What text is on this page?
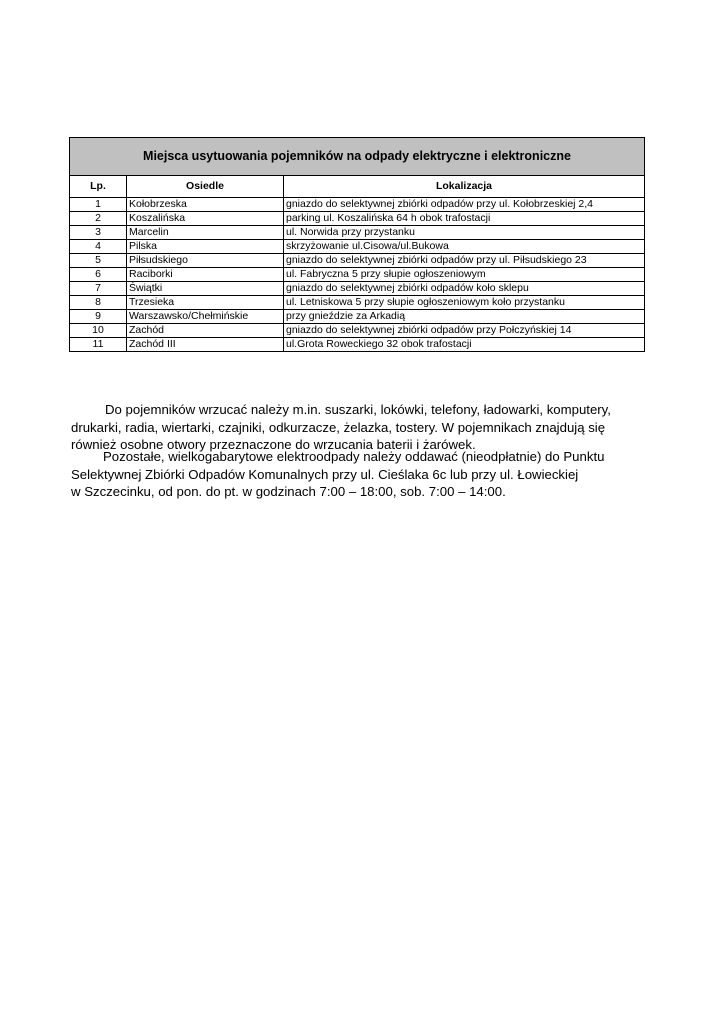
Miejsca usytuowania pojemników na odpady elektryczne i elektroniczne		
Lp.	Osiedle	Lokalizacja
1	Kołobrzeska	gniazdo do selektywnej zbiórki odpadów przy ul. Kołobrzeskiej 2,4
2	Koszalińska	parking ul. Koszalińska 64 h obok trafostacji
3	Marcelin	ul. Norwida przy przystanku
4	Pilska	skrzyżowanie ul.Cisowa/ul.Bukowa
5	Piłsudskiego	gniazdo do selektywnej zbiórki odpadów przy ul. Piłsudskiego 23
6	Raciborki	ul. Fabryczna 5 przy słupie ogłoszeniowym
7	Świątki	gniazdo do selektywnej zbiórki odpadów koło sklepu
8	Trzesieka	ul. Letniskowa 5 przy słupie ogłoszeniowym koło przystanku
9	Warszawsko/Chełmińskie	przy gnieździe za Arkadią
10	Zachód	gniazdo do selektywnej zbiórki odpadów przy Połczyńskiej 14
11	Zachód III	ul.Grota Roweckiego 32 obok trafostacji

Do pojemników wrzucać należy m.in. suszarki, lokówki, telefony, ładowarki, komputery,
drukarki, radia, wiertarki, czajniki, odkurzacze, żelazka, tostery. W pojemnikach znajdują się
również osobne otwory przeznaczone do wrzucania baterii i żarówek.

Pozostałe, wielkogabarytowe elektroodpady należy oddawać (nieodpłatnie) do Punktu
Selektywnej Zbiórki Odpadów Komunalnych przy ul. Cieślaka 6c lub przy ul. Łowieckiej
w Szczecinku, od pon. do pt. w godzinach 7:00 – 18:00, sob. 7:00 – 14:00.
